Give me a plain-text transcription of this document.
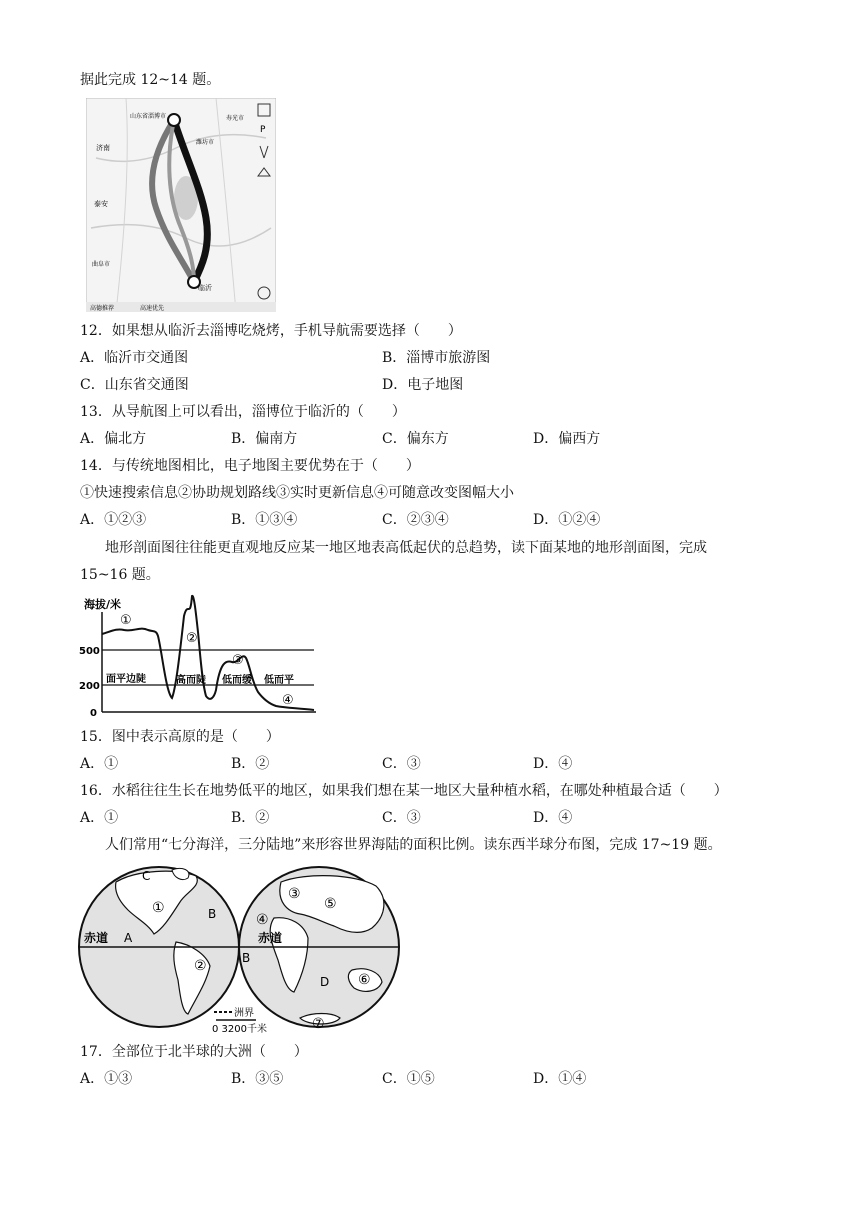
据此完成 12~14 题。
山东省淄博市
济南
泰安
曲阜市
临沂
寿光市
潍坊市
P
高德推荐	高速优先
12．如果想从临沂去淄博吃烧烤，手机导航需要选择（　　）
A．临沂市交通图	B．淄博市旅游图
C．山东省交通图	D．电子地图
13．从导航图上可以看出，淄博位于临沂的（　　）
A．偏北方	B．偏南方	C．偏东方	D．偏西方
14．与传统地图相比，电子地图主要优势在于（　　）
①快速搜索信息②协助规划路线③实时更新信息④可随意改变图幅大小
A．①②③	B．①③④	C．②③④	D．①②④
地形剖面图往往能更直观地反应某一地区地表高低起伏的总趋势，读下面某地的地形剖面图，完成
15~16 题。
海拔/米
500
200
0
①
②
③
④
面平边陡	高而陡 低而缓 低而平
15．图中表示高原的是（　　）
A．①	B．②	C．③	D．④
16．水稻往往生长在地势低平的地区，如果我们想在某一地区大量种植水稻，在哪处种植最合适（　　）
A．①	B．②	C．③	D．④
人们常用“七分海洋，三分陆地”来形容世界海陆的面积比例。读东西半球分布图，完成 17~19 题。
赤道	赤道
C
B
A
B
D
①
②
③
④
⑤
⑥
⑦
洲界
0 3200千米
17．全部位于北半球的大洲（　　）
A．①③	B．③⑤	C．①⑤	D．①④
